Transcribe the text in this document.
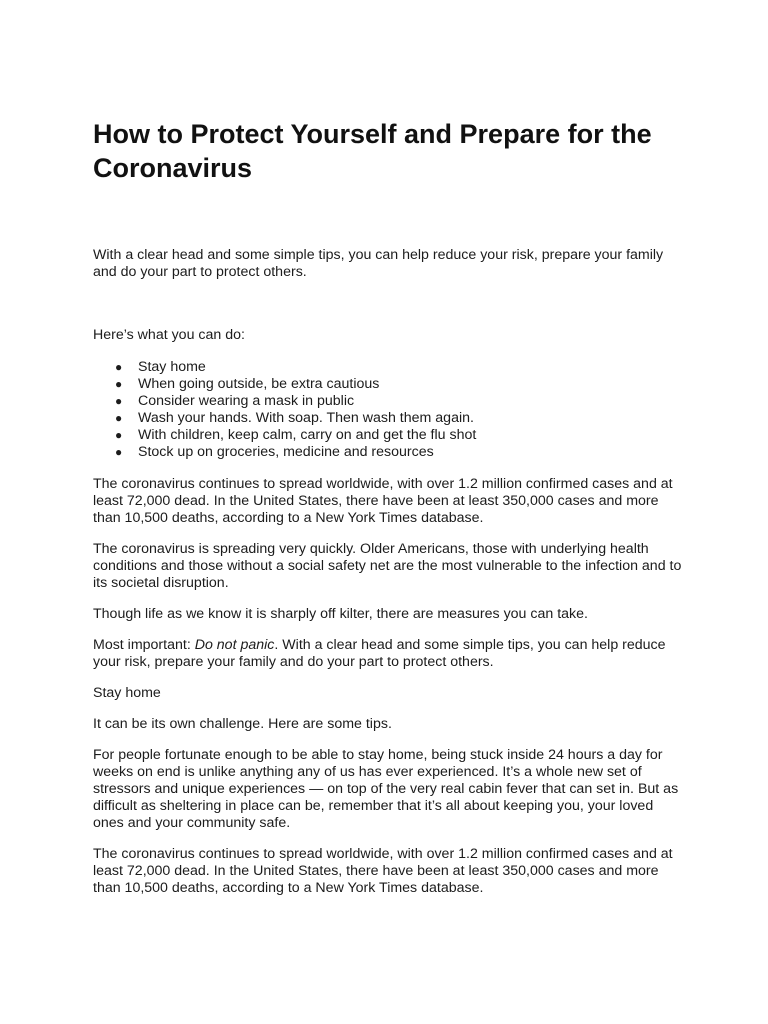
How to Protect Yourself and Prepare for the Coronavirus

With a clear head and some simple tips, you can help reduce your risk, prepare your family and do your part to protect others.

Here’s what you can do:

● Stay home
● When going outside, be extra cautious
● Consider wearing a mask in public
● Wash your hands. With soap. Then wash them again.
● With children, keep calm, carry on and get the flu shot
● Stock up on groceries, medicine and resources

The coronavirus continues to spread worldwide, with over 1.2 million confirmed cases and at least 72,000 dead. In the United States, there have been at least 350,000 cases and more than 10,500 deaths, according to a New York Times database.

The coronavirus is spreading very quickly. Older Americans, those with underlying health conditions and those without a social safety net are the most vulnerable to the infection and to its societal disruption.

Though life as we know it is sharply off kilter, there are measures you can take.

Most important: Do not panic. With a clear head and some simple tips, you can help reduce your risk, prepare your family and do your part to protect others.

Stay home

It can be its own challenge. Here are some tips.

For people fortunate enough to be able to stay home, being stuck inside 24 hours a day for weeks on end is unlike anything any of us has ever experienced. It’s a whole new set of stressors and unique experiences — on top of the very real cabin fever that can set in. But as difficult as sheltering in place can be, remember that it’s all about keeping you, your loved ones and your community safe.

The coronavirus continues to spread worldwide, with over 1.2 million confirmed cases and at least 72,000 dead. In the United States, there have been at least 350,000 cases and more than 10,500 deaths, according to a New York Times database.
